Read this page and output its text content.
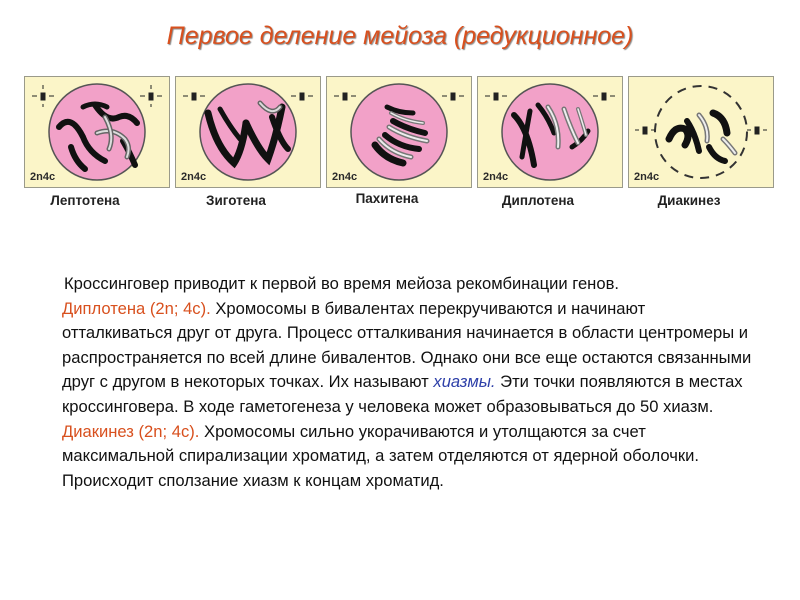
Первое деление мейоза (редукционное)
2n4c	2n4c	2n4c	2n4c	2n4c
Лептотена	Зиготена	Пахитена	Диплотена	Диакинез

Кроссинговер приводит к первой во время мейоза рекомбинации генов.

Диплотена (2n; 4c). Хромосомы в бивалентах перекручиваются и начинают отталкиваться друг от друга. Процесс отталкивания начинается в области центромеры и распространяется по всей длине бивалентов. Однако они все еще остаются связанными друг с другом в некоторых точках. Их называют хиазмы. Эти точки появляются в местах кроссинговера. В ходе гаметогенеза у человека может образовываться до 50 хиазм.

Диакинез (2n; 4c). Хромосомы сильно укорачиваются и утолщаются за счет максимальной спирализации хроматид, а затем отделяются от ядерной оболочки. Происходит сползание хиазм к концам хроматид.
